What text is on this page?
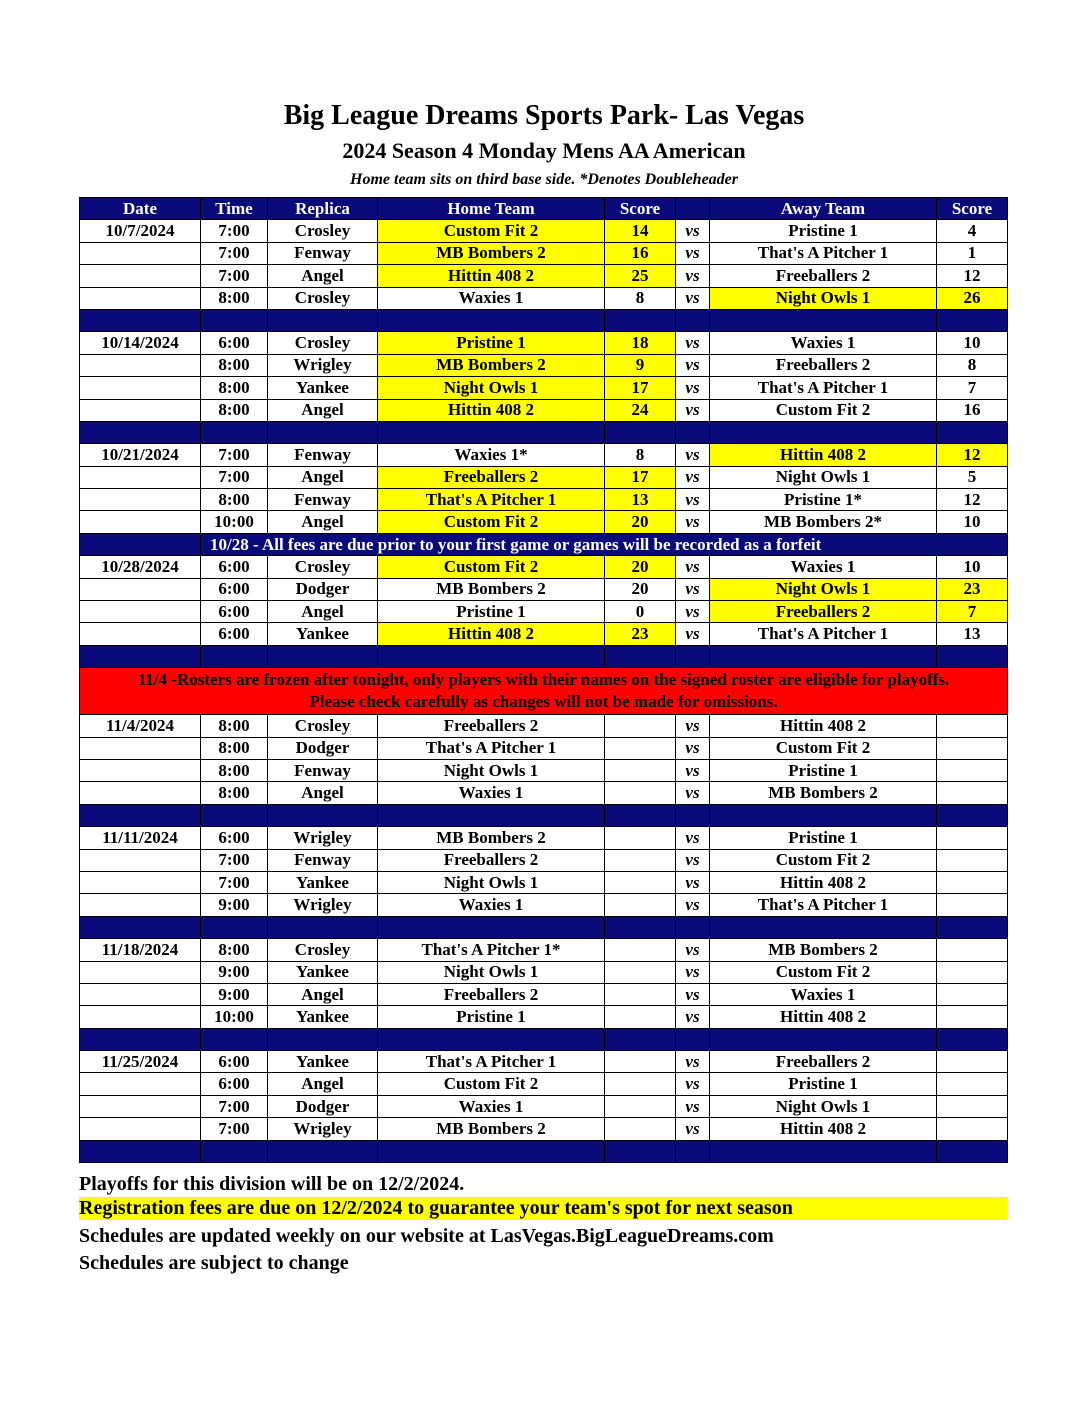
Big League Dreams Sports Park- Las Vegas
2024 Season 4 Monday Mens AA American
Home team sits on third base side. *Denotes Doubleheader
Date	Time	Replica	Home Team	Score		Away Team	Score
10/7/2024	7:00	Crosley	Custom Fit 2	14	vs	Pristine 1	4
	7:00	Fenway	MB Bombers 2	16	vs	That's A Pitcher 1	1
	7:00	Angel	Hittin 408 2	25	vs	Freeballers 2	12
	8:00	Crosley	Waxies 1	8	vs	Night Owls 1	26

10/14/2024	6:00	Crosley	Pristine 1	18	vs	Waxies 1	10
	8:00	Wrigley	MB Bombers 2	9	vs	Freeballers 2	8
	8:00	Yankee	Night Owls 1	17	vs	That's A Pitcher 1	7
	8:00	Angel	Hittin 408 2	24	vs	Custom Fit 2	16

10/21/2024	7:00	Fenway	Waxies 1*	8	vs	Hittin 408 2	12
	7:00	Angel	Freeballers 2	17	vs	Night Owls 1	5
	8:00	Fenway	That's A Pitcher 1	13	vs	Pristine 1*	12
	10:00	Angel	Custom Fit 2	20	vs	MB Bombers 2*	10
	10/28 - All fees are due prior to your first game or games will be recorded as a forfeit						
10/28/2024	6:00	Crosley	Custom Fit 2	20	vs	Waxies 1	10
	6:00	Dodger	MB Bombers 2	20	vs	Night Owls 1	23
	6:00	Angel	Pristine 1	0	vs	Freeballers 2	7
	6:00	Yankee	Hittin 408 2	23	vs	That's A Pitcher 1	13

11/4 -Rosters are frozen after tonight, only players with their names on the signed roster are eligible for playoffs.
Please check carefully as changes will not be made for omissions.							

11/4/2024	8:00	Crosley	Freeballers 2		vs	Hittin 408 2	
	8:00	Dodger	That's A Pitcher 1		vs	Custom Fit 2	
	8:00	Fenway	Night Owls 1		vs	Pristine 1	
	8:00	Angel	Waxies 1		vs	MB Bombers 2	

11/11/2024	6:00	Wrigley	MB Bombers 2		vs	Pristine 1	
	7:00	Fenway	Freeballers 2		vs	Custom Fit 2	
	7:00	Yankee	Night Owls 1		vs	Hittin 408 2	
	9:00	Wrigley	Waxies 1		vs	That's A Pitcher 1	

11/18/2024	8:00	Crosley	That's A Pitcher 1*		vs	MB Bombers 2	
	9:00	Yankee	Night Owls 1		vs	Custom Fit 2	
	9:00	Angel	Freeballers 2		vs	Waxies 1	
	10:00	Yankee	Pristine 1		vs	Hittin 408 2	

11/25/2024	6:00	Yankee	That's A Pitcher 1		vs	Freeballers 2	
	6:00	Angel	Custom Fit 2		vs	Pristine 1	
	7:00	Dodger	Waxies 1		vs	Night Owls 1	
	7:00	Wrigley	MB Bombers 2		vs	Hittin 408 2	

Playoffs for this division will be on 12/2/2024.
Registration fees are due on 12/2/2024 to guarantee your team's spot for next season
Schedules are updated weekly on our website at LasVegas.BigLeagueDreams.com
Schedules are subject to change
